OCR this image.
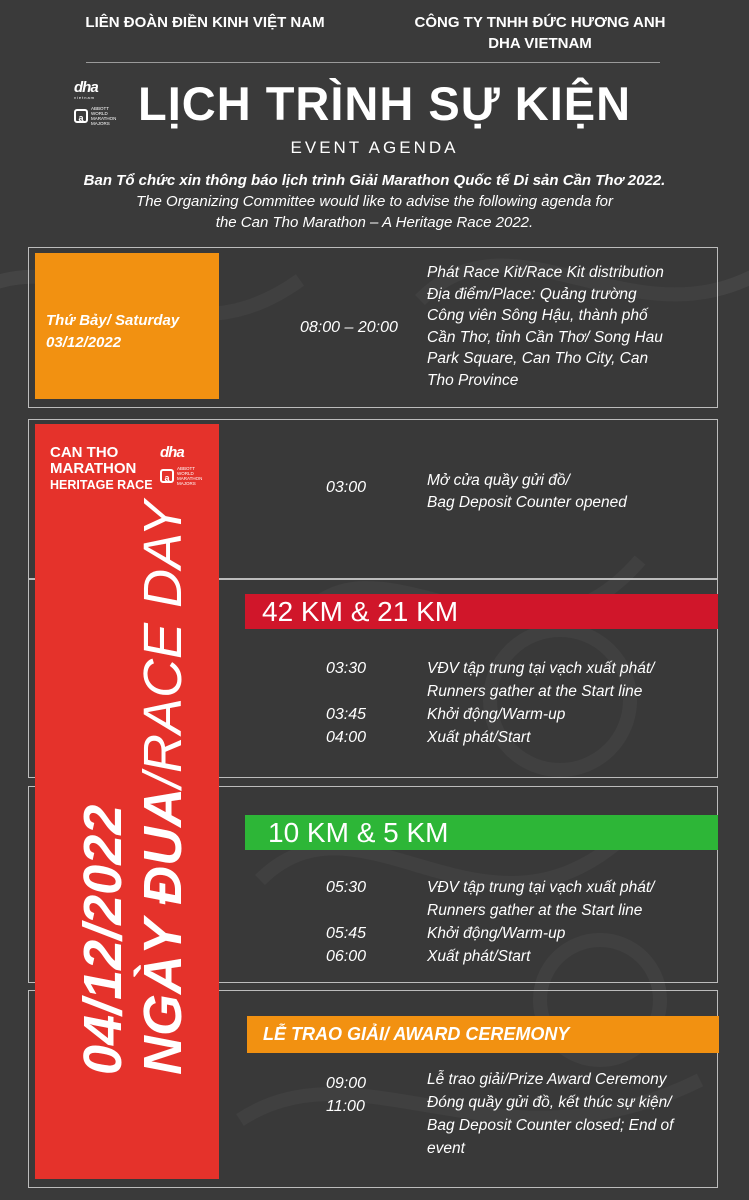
LIÊN ĐOÀN ĐIỀN KINH VIỆT NAM	CÔNG TY TNHH ĐỨC HƯƠNG ANH
DHA VIETNAM
dha
vietnam
a
ABBOTT WORLD MARATHON MAJORS LỊCH TRÌNH SỰ KIỆN
EVENT AGENDA
Ban Tổ chức xin thông báo lịch trình Giải Marathon Quốc tế Di sản Cần Thơ 2022.
The Organizing Committee would like to advise the following agenda for
the Can Tho Marathon – A Heritage Race 2022.
Thứ Bảy/ Saturday
03/12/2022
08:00 – 20:00
Phát Race Kit/Race Kit distribution
Địa điểm/Place: Quảng trường
Công viên Sông Hậu, thành phố
Cần Thơ, tỉnh Cần Thơ/ Song Hau
Park Square, Can Tho City, Can
Tho Province
CAN THO
MARATHON
HERITAGE RACE
dha
a
ABBOTT WORLD MARATHON MAJORS
04/12/2022 NGÀY ĐUA/RACE DAY
03:00	Mở cửa quầy gửi đồ/
Bag Deposit Counter opened
42 KM & 21 KM
03:30
03:45
04:00
VĐV tập trung tại vạch xuất phát/
Runners gather at the Start line
Khởi động/Warm-up
Xuất phát/Start
10 KM & 5 KM
05:30
05:45
06:00
VĐV tập trung tại vạch xuất phát/
Runners gather at the Start line
Khởi động/Warm-up
Xuất phát/Start
LỄ TRAO GIẢI/ AWARD CEREMONY
09:00
11:00
Lễ trao giải/Prize Award Ceremony
Đóng quầy gửi đồ, kết thúc sự kiện/
Bag Deposit Counter closed; End of
event
